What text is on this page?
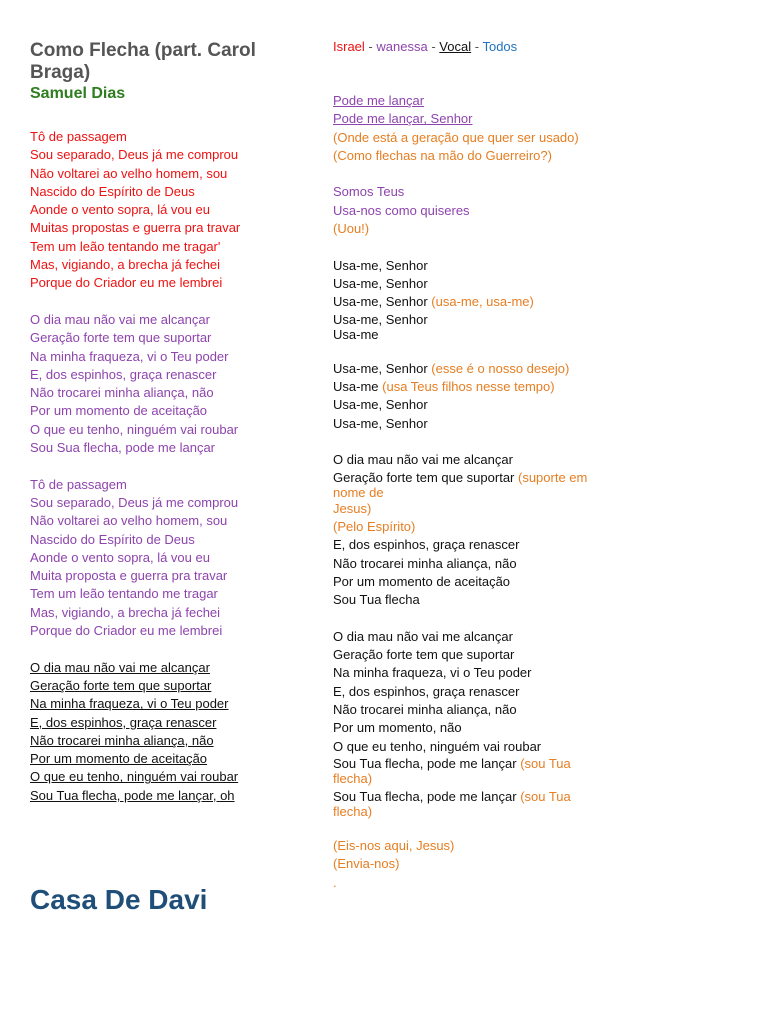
Como Flecha (part. Carol Braga)
Samuel Dias
Tô de passagem
Sou separado, Deus já me comprou
Não voltarei ao velho homem, sou
Nascido do Espírito de Deus
Aonde o vento sopra, lá vou eu
Muitas propostas e guerra pra travar
Tem um leão tentando me tragar'
Mas, vigiando, a brecha já fechei
Porque do Criador eu me lembrei
O dia mau não vai me alcançar
Geração forte tem que suportar
Na minha fraqueza, vi o Teu poder
E, dos espinhos, graça renascer
Não trocarei minha aliança, não
Por um momento de aceitação
O que eu tenho, ninguém vai roubar
Sou Sua flecha, pode me lançar
Tô de passagem
Sou separado, Deus já me comprou
Não voltarei ao velho homem, sou
Nascido do Espírito de Deus
Aonde o vento sopra, lá vou eu
Muita proposta e guerra pra travar
Tem um leão tentando me tragar
Mas, vigiando, a brecha já fechei
Porque do Criador eu me lembrei
O dia mau não vai me alcançar
Geração forte tem que suportar
Na minha fraqueza, vi o Teu poder
E, dos espinhos, graça renascer
Não trocarei minha aliança, não
Por um momento de aceitação
O que eu tenho, ninguém vai roubar
Sou Tua flecha, pode me lançar, oh
Israel - wanessa - Vocal - Todos
Pode me lançar
Pode me lançar, Senhor
(Onde está a geração que quer ser usado)
(Como flechas na mão do Guerreiro?)
Somos Teus
Usa-nos como quiseres
(Uou!)
Usa-me, Senhor
Usa-me, Senhor
Usa-me, Senhor (usa-me, usa-me)
Usa-me, Senhor
Usa-me
Usa-me, Senhor (esse é o nosso desejo)
Usa-me (usa Teus filhos nesse tempo)
Usa-me, Senhor
Usa-me, Senhor
O dia mau não vai me alcançar
Geração forte tem que suportar (suporte em nome de
Jesus)
(Pelo Espírito)
E, dos espinhos, graça renascer
Não trocarei minha aliança, não
Por um momento de aceitação
Sou Tua flecha
O dia mau não vai me alcançar
Geração forte tem que suportar
Na minha fraqueza, vi o Teu poder
E, dos espinhos, graça renascer
Não trocarei minha aliança, não
Por um momento, não
O que eu tenho, ninguém vai roubar
Sou Tua flecha, pode me lançar (sou Tua flecha)
Sou Tua flecha, pode me lançar (sou Tua flecha)
(Eis-nos aqui, Jesus)
(Envia-nos)
.
Casa De Davi
